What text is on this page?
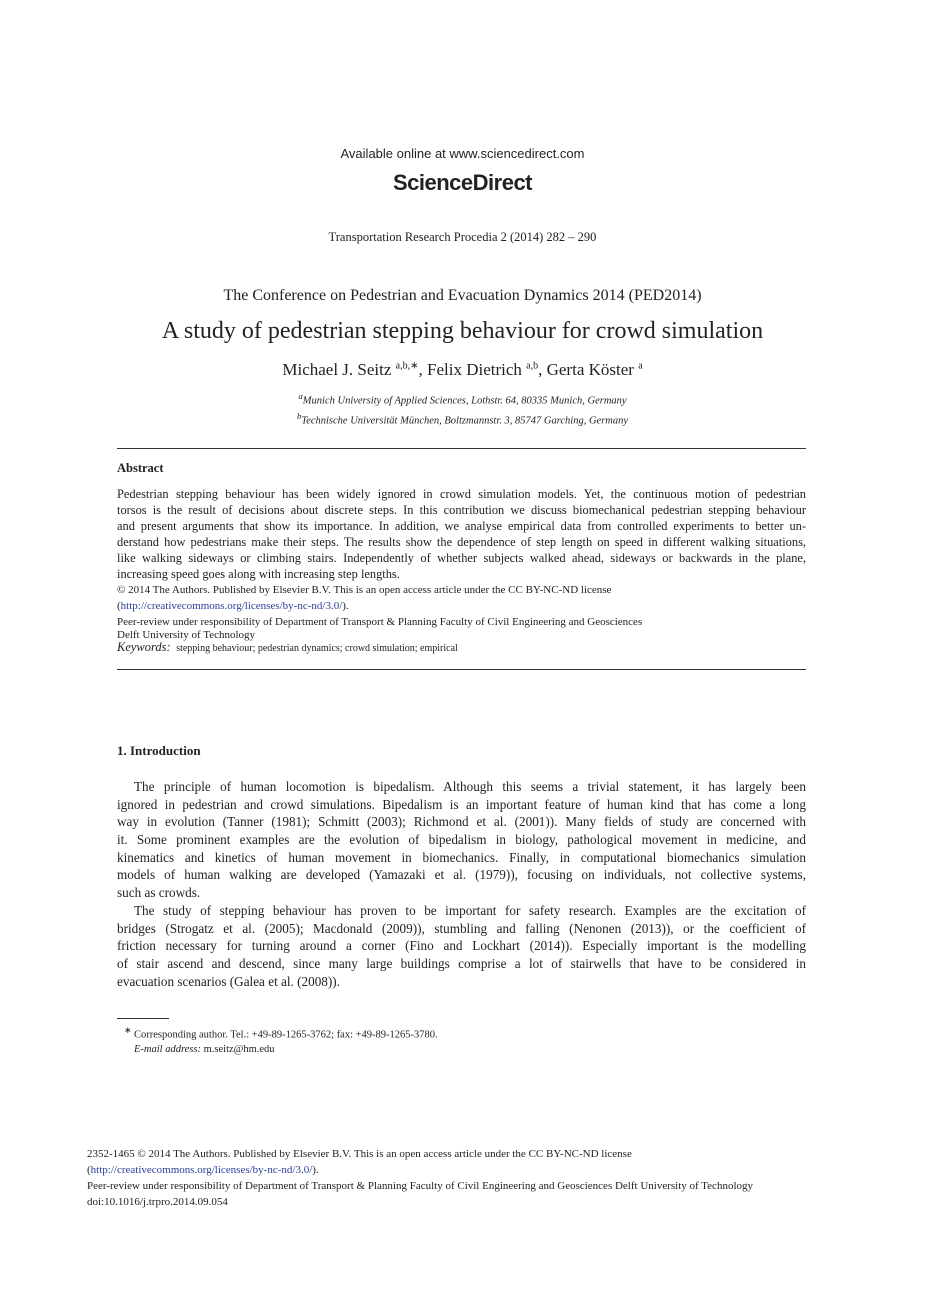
Available online at www.sciencedirect.com
ScienceDirect
Transportation Research Procedia 2 (2014) 282 – 290
The Conference on Pedestrian and Evacuation Dynamics 2014 (PED2014)
A study of pedestrian stepping behaviour for crowd simulation
Michael J. Seitz $^{a,b,∗}$, Felix Dietrich $^{a,b}$, Gerta Köster $^a$
$^a$Munich University of Applied Sciences, Lothstr. 64, 80335 Munich, Germany
$^b$Technische Universität München, Boltzmannstr. 3, 85747 Garching, Germany
Abstract
Pedestrian stepping behaviour has been widely ignored in crowd simulation models. Yet, the continuous motion of pedestrian
torsos is the result of decisions about discrete steps. In this contribution we discuss biomechanical pedestrian stepping behaviour
and present arguments that show its importance. In addition, we analyse empirical data from controlled experiments to better un-
derstand how pedestrians make their steps. The results show the dependence of step length on speed in different walking situations,
like walking sideways or climbing stairs. Independently of whether subjects walked ahead, sideways or backwards in the plane,
increasing speed goes along with increasing step lengths.
© 2014 The Authors. Published by Elsevier B.V. This is an open access article under the CC BY-NC-ND license
(http://creativecommons.org/licenses/by-nc-nd/3.0/).
Peer-review under responsibility of Department of Transport & Planning Faculty of Civil Engineering and Geosciences
Delft University of Technology
Keywords: stepping behaviour; pedestrian dynamics; crowd simulation; empirical
1. Introduction
The principle of human locomotion is bipedalism. Although this seems a trivial statement, it has largely been
ignored in pedestrian and crowd simulations. Bipedalism is an important feature of human kind that has come a long
way in evolution (Tanner (1981); Schmitt (2003); Richmond et al. (2001)). Many fields of study are concerned with
it. Some prominent examples are the evolution of bipedalism in biology, pathological movement in medicine, and
kinematics and kinetics of human movement in biomechanics. Finally, in computational biomechanics simulation
models of human walking are developed (Yamazaki et al. (1979)), focusing on individuals, not collective systems,
such as crowds.
The study of stepping behaviour has proven to be important for safety research. Examples are the excitation of
bridges (Strogatz et al. (2005); Macdonald (2009)), stumbling and falling (Nenonen (2013)), or the coefficient of
friction necessary for turning around a corner (Fino and Lockhart (2014)). Especially important is the modelling
of stair ascend and descend, since many large buildings comprise a lot of stairwells that have to be considered in
evacuation scenarios (Galea et al. (2008)).
∗ Corresponding author. Tel.: +49-89-1265-3762; fax: +49-89-1265-3780.
E-mail address: m.seitz@hm.edu
2352-1465 © 2014 The Authors. Published by Elsevier B.V. This is an open access article under the CC BY-NC-ND license
(http://creativecommons.org/licenses/by-nc-nd/3.0/).
Peer-review under responsibility of Department of Transport & Planning Faculty of Civil Engineering and Geosciences Delft University of Technology
doi:10.1016/j.trpro.2014.09.054
